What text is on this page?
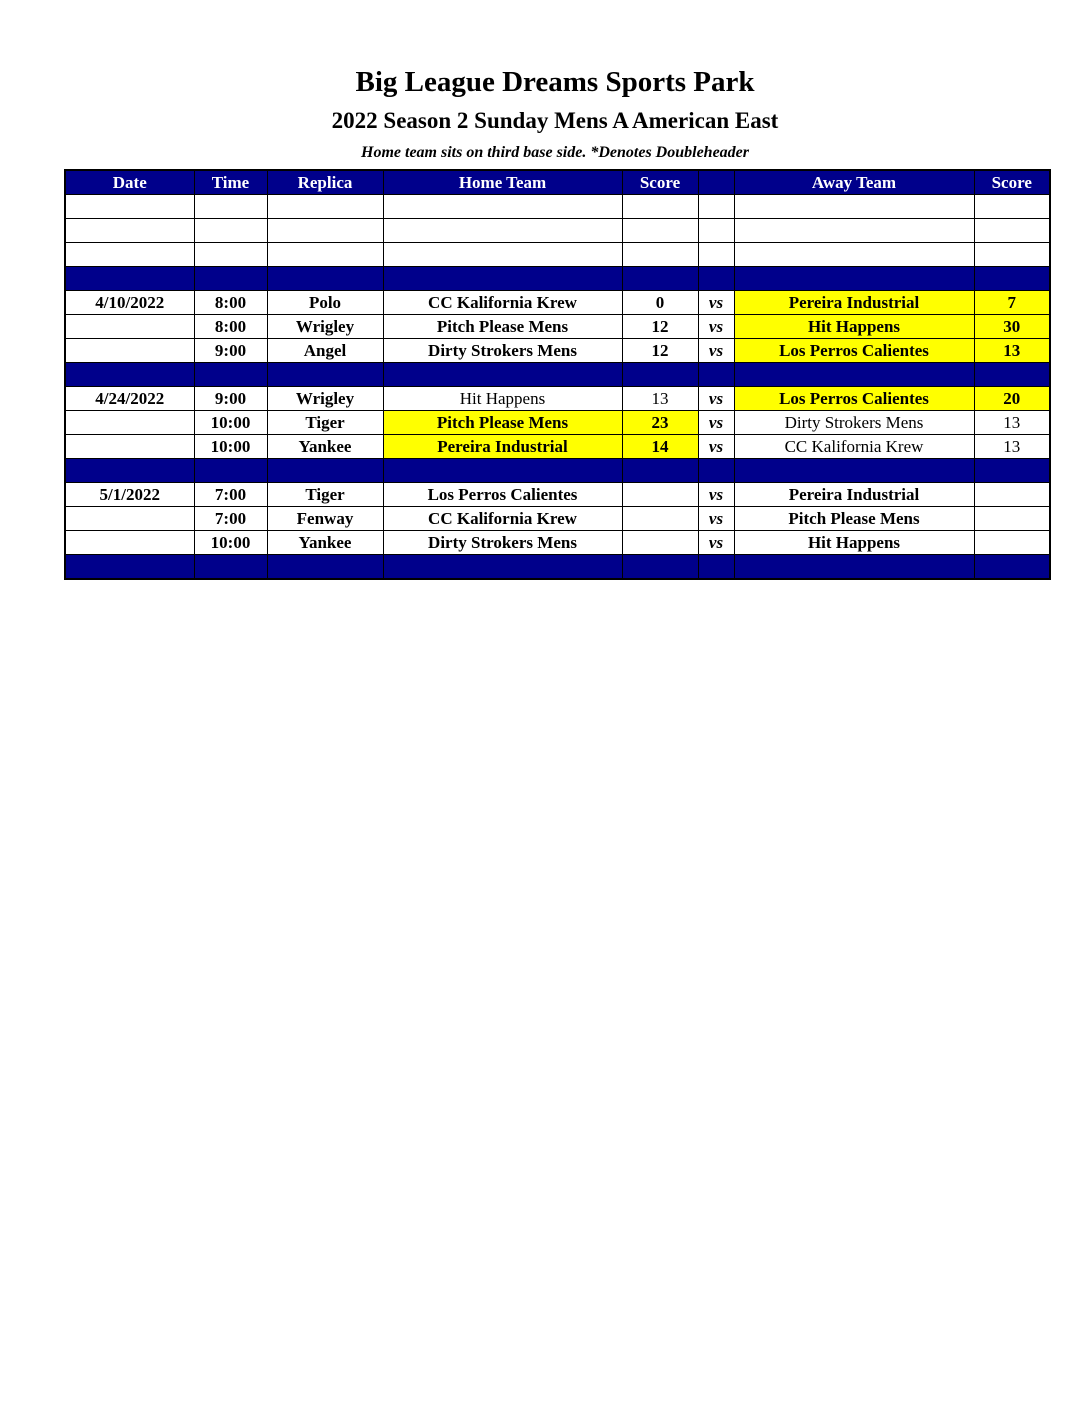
Big League Dreams Sports Park
2022 Season 2 Sunday Mens A American East
Home team sits on third base side. *Denotes Doubleheader
Date	Time	Replica	Home Team	Score		Away Team	Score

4/10/2022	8:00	Polo	CC Kalifornia Krew	0	vs	Pereira Industrial	7
	8:00	Wrigley	Pitch Please Mens	12	vs	Hit Happens	30
	9:00	Angel	Dirty Strokers Mens	12	vs	Los Perros Calientes	13

4/24/2022	9:00	Wrigley	Hit Happens	13	vs	Los Perros Calientes	20
	10:00	Tiger	Pitch Please Mens	23	vs	Dirty Strokers Mens	13
	10:00	Yankee	Pereira Industrial	14	vs	CC Kalifornia Krew	13

5/1/2022	7:00	Tiger	Los Perros Calientes		vs	Pereira Industrial	
	7:00	Fenway	CC Kalifornia Krew		vs	Pitch Please Mens	
	10:00	Yankee	Dirty Strokers Mens		vs	Hit Happens	
